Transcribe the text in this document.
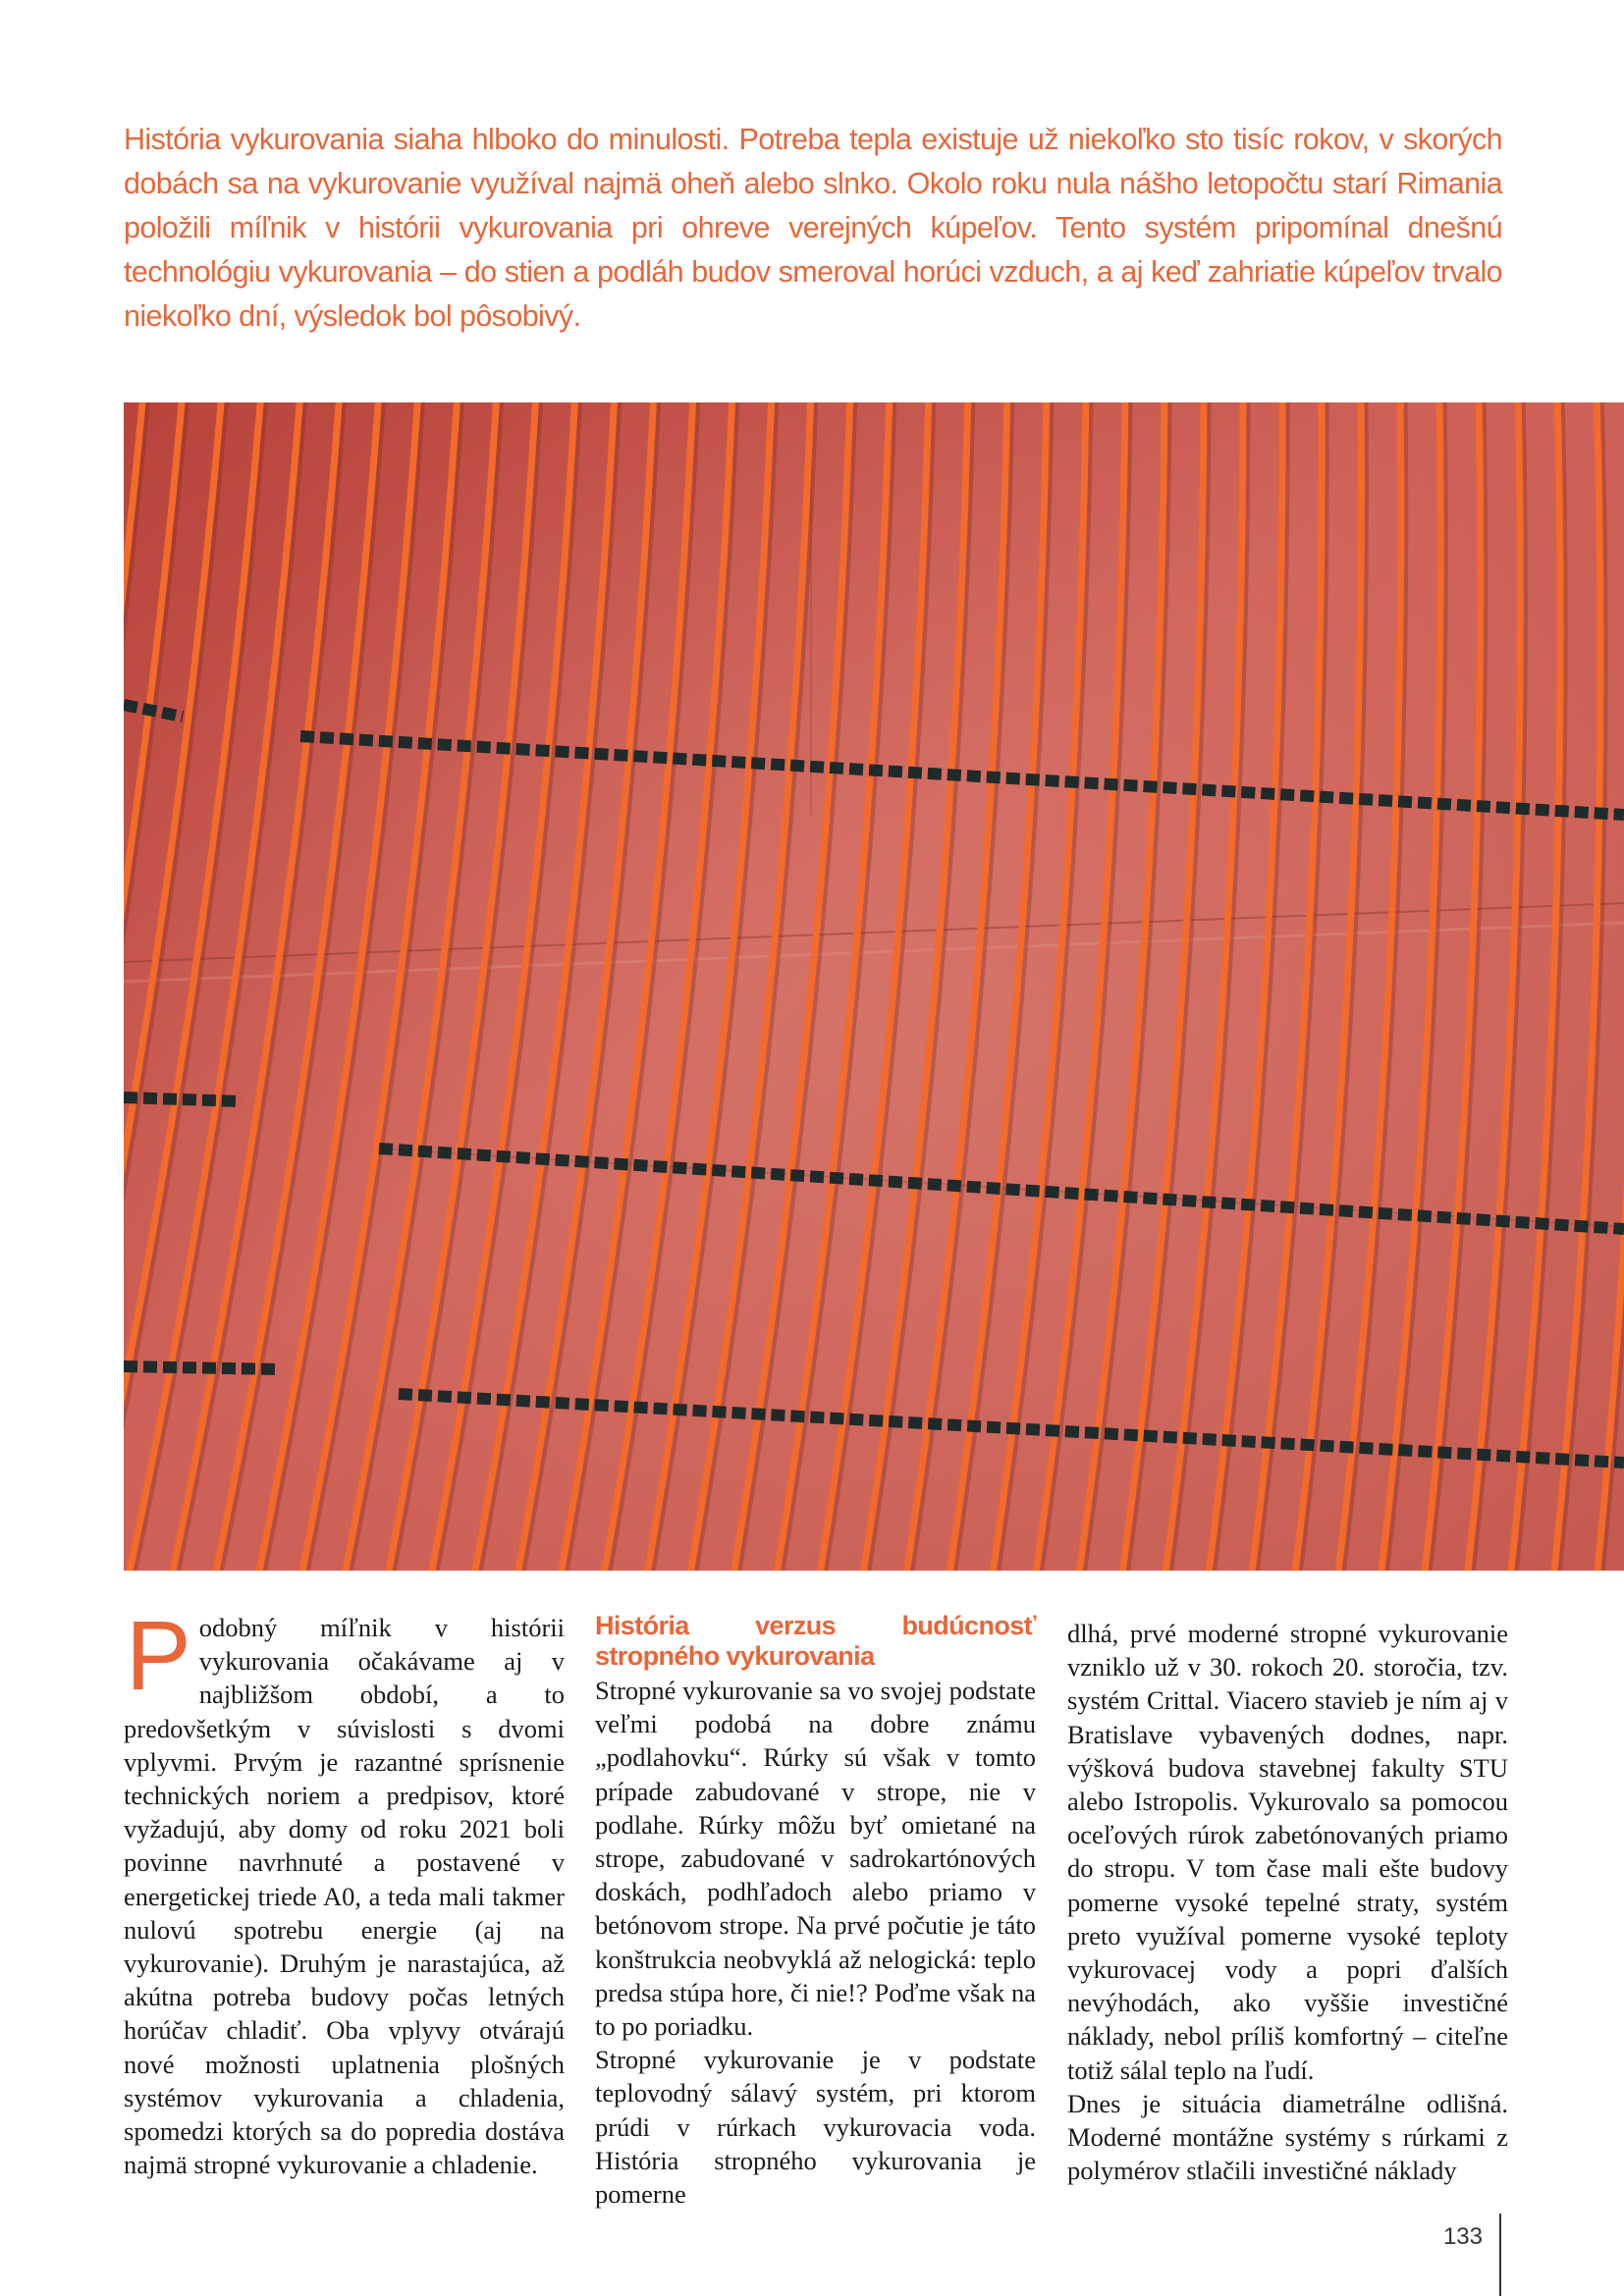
História vykurovania siaha hlboko do minulosti. Potreba tepla existuje už niekoľko sto tisíc rokov, v skorých dobách sa na vykurovanie využíval najmä oheň alebo slnko. Okolo roku nula nášho letopočtu starí Rimania položili míľnik v histórii vykurovania pri ohreve verejných kúpeľov. Tento systém pripomínal dnešnú technológiu vykurovania – do stien a podláh budov smeroval horúci vzduch, a aj keď zahriatie kúpeľov trvalo niekoľko dní, výsledok bol pôsobivý.

P odobný míľnik v histórii vykurovania očakávame aj v najbližšom období, a to predovšetkým v súvislosti s dvomi vplyvmi. Prvým je razantné sprísnenie technických noriem a predpisov, ktoré vyžadujú, aby domy od roku 2021 boli povinne navrhnuté a postavené v energetickej triede A0, a teda mali takmer nulovú spotrebu energie (aj na vykurovanie). Druhým je narastajúca, až akútna potreba budovy počas letných horúčav chladiť. Oba vplyvy otvárajú nové možnosti uplatnenia plošných systémov vykurovania a chladenia, spomedzi ktorých sa do popredia dostáva najmä stropné vykurovanie a chladenie.

História verzus budúcnosť stropného vykurovania

Stropné vykurovanie sa vo svojej podstate veľmi podobá na dobre známu „podlahovku“. Rúrky sú však v tomto prípade zabudované v strope, nie v podlahe. Rúrky môžu byť omietané na strope, zabudované v sadrokartónových doskách, podhľadoch alebo priamo v betónovom strope. Na prvé počutie je táto konštrukcia neobvyklá až nelogická: teplo predsa stúpa hore, či nie!? Poďme však na to po poriadku.

Stropné vykurovanie je v podstate teplovodný sálavý systém, pri ktorom prúdi v rúrkach vykurovacia voda. História stropného vykurovania je pomerne

dlhá, prvé moderné stropné vykurovanie vzniklo už v 30. rokoch 20. storočia, tzv. systém Crittal. Viacero stavieb je ním aj v Bratislave vybavených dodnes, napr. výšková budova stavebnej fakulty STU alebo Istropolis. Vykurovalo sa pomocou oceľových rúrok zabetónovaných priamo do stropu. V tom čase mali ešte budovy pomerne vysoké tepelné straty, systém preto využíval pomerne vysoké teploty vykurovacej vody a popri ďalších nevýhodách, ako vyššie investičné náklady, nebol príliš komfortný – citeľne totiž sálal teplo na ľudí.

Dnes je situácia diametrálne odlišná. Moderné montážne systémy s rúrkami z polymérov stlačili investičné náklady

133
